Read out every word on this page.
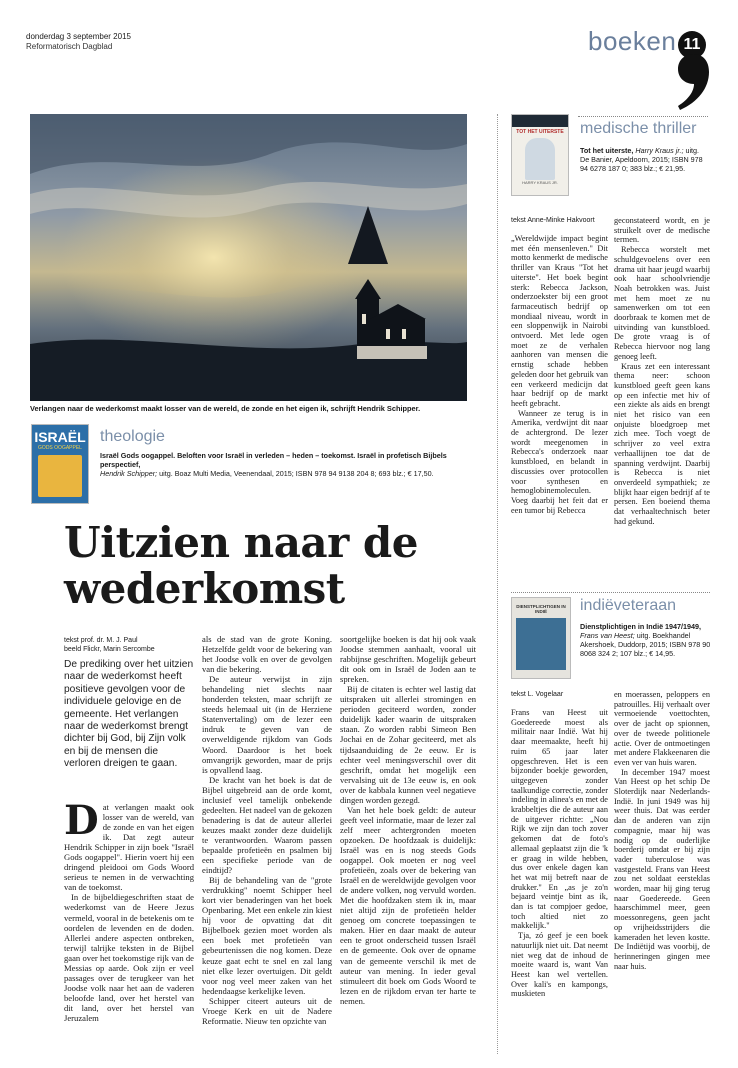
donderdag 3 september 2015
Reformatorisch Dagblad	boeken 11
Verlangen naar de wederkomst maakt losser van de wereld, de zonde en het eigen ik, schrijft Hendrik Schipper.
ISRAËL
GODS OOGAPPEL
theologie
Israël Gods oogappel. Beloften voor Israël in verleden – heden – toekomst. Israël in profetisch Bijbels perspectief,
Hendrik Schipper; uitg. Boaz Multi Media, Veenendaal, 2015; ISBN 978 94 9138 204 8; 693 blz.; € 17,50.
Uitzien naar de
wederkomst
tekst prof. dr. M. J. Paul
beeld Flickr, Marin Sercombe
De prediking over het uitzien naar de wederkomst heeft positieve gevolgen voor de individuele gelovige en de gemeente. Het verlangen naar de wederkomst brengt dichter bij God, bij Zijn volk en bij de mensen die verloren dreigen te gaan.

Dat verlangen maakt ook losser van de wereld, van de zonde en van het eigen ik. Dat zegt auteur Hendrik Schipper in zijn boek "Israël Gods oogappel". Hierin voert hij een dringend pleidooi om Gods Woord serieus te nemen in de verwachting van de toekomst.

In de bijbeldiegeschriften staat de wederkomst van de Heere Jezus vermeld, vooral in de betekenis om te oordelen de levenden en de doden. Allerlei andere aspecten ontbreken, terwijl talrijke teksten in de Bijbel gaan over het toekomstige rijk van de Messias op aarde. Ook zijn er veel passages over de terugkeer van het Joodse volk naar het aan de vaderen beloofde land, over het herstel van dit land, over het herstel van Jeruzalem

als de stad van de grote Koning. Hetzelfde geldt voor de bekering van het Joodse volk en over de gevolgen van die bekering.

De auteur verwijst in zijn behandeling niet slechts naar honderden teksten, maar schrijft ze steeds helemaal uit (in de Herziene Statenvertaling) om de lezer een indruk te geven van de overweldigende rijkdom van Gods Woord. Daardoor is het boek omvangrijk geworden, maar de prijs is opvallend laag.

De kracht van het boek is dat de Bijbel uitgebreid aan de orde komt, inclusief veel tamelijk onbekende gedeelten. Het nadeel van de gekozen benadering is dat de auteur allerlei keuzes maakt zonder deze duidelijk te verantwoorden. Waarom passen bepaalde profetieën en psalmen bij een specifieke periode van de eindtijd?

Bij de behandeling van de "grote verdrukking" noemt Schipper heel kort vier benaderingen van het boek Openbaring. Met een enkele zin kiest hij voor de opvatting dat dit Bijbelboek gezien moet worden als een boek met profetieën van gebeurtenissen die nog komen. Deze keuze gaat echt te snel en zal lang niet elke lezer overtuigen. Dit geldt voor nog veel meer zaken van het hedendaagse kerkelijke leven.

Schipper citeert auteurs uit de Vroege Kerk en uit de Nadere Reformatie. Nieuw ten opzichte van

soortgelijke boeken is dat hij ook vaak Joodse stemmen aanhaalt, vooral uit rabbijnse geschriften. Mogelijk gebeurt dit ook om in Israël de Joden aan te spreken.

Bij de citaten is echter wel lastig dat uitspraken uit allerlei stromingen en perioden geciteerd worden, zonder duidelijk kader waarin de uitspraken staan. Zo worden rabbi Simeon Ben Jochai en de Zohar geciteerd, met als tijdsaanduiding de 2e eeuw. Er is echter veel meningsverschil over dit geschrift, omdat het mogelijk een vervalsing uit de 13e eeuw is, en ook over de kabbala kunnen veel negatieve dingen worden gezegd.

Van het hele boek geldt: de auteur geeft veel informatie, maar de lezer zal zelf meer achtergronden moeten opzoeken. De hoofdzaak is duidelijk: Israël was en is nog steeds Gods oogappel. Ook moeten er nog veel profetieën, zoals over de bekering van Israël en de wereldwijde gevolgen voor de andere volken, nog vervuld worden. Met die hoofdzaken stem ik in, maar niet altijd zijn de profetieën helder genoeg om concrete toepassingen te maken. Hier en daar maakt de auteur een te groot onderscheid tussen Israël en de gemeente. Ook over de opname van de gemeente verschil ik met de auteur van mening. In ieder geval stimuleert dit boek om Gods Woord te lezen en de rijkdom ervan ter harte te nemen.

TOT HET UITERSTE
HARRY KRAUS JR.
medische thriller
Tot het uiterste, Harry Kraus jr.; uitg. De Banier, Apeldoorn, 2015; ISBN 978 94 6278 187 0; 383 blz.; € 21,95.
tekst Anne-Minke Hakvoort

„Wereldwijde impact begint met één mensenleven." Dit motto kenmerkt de medische thriller van Kraus "Tot het uiterste". Het boek begint sterk: Rebecca Jackson, onderzoekster bij een groot farmaceutisch bedrijf op mondiaal niveau, wordt in een sloppenwijk in Nairobi ontvoerd. Met lede ogen moet ze de verhalen aanhoren van mensen die ernstig schade hebben geleden door het gebruik van een verkeerd medicijn dat haar bedrijf op de markt heeft gebracht.

Wanneer ze terug is in Amerika, verdwijnt dit naar de achtergrond. De lezer wordt meegenomen in Rebecca's onderzoek naar kunstbloed, en belandt in discussies over protocollen voor synthesen en hemoglobinemoleculen. Voeg daarbij het feit dat er een tumor bij Rebecca

geconstateerd wordt, en je struikelt over de medische termen.

Rebecca worstelt met schuldgevoelens over een drama uit haar jeugd waarbij ook haar schoolvriendje Noah betrokken was. Juist met hem moet ze nu samenwerken om tot een doorbraak te komen met de uitvinding van kunstbloed. De grote vraag is of Rebecca hiervoor nog lang genoeg leeft.

Kraus zet een interessant thema neer: schoon kunstbloed geeft geen kans op een infectie met hiv of een ziekte als aids en brengt niet het risico van een onjuiste bloedgroep met zich mee. Toch voegt de schrijver zo veel extra verhaallijnen toe dat de spanning verdwijnt. Daarbij is Rebecca is niet onverdeeld sympathiek; ze blijkt haar eigen bedrijf af te persen. Een boeiend thema dat verhaaltechnisch beter had gekund.

DIENSTPLICHTIGEN IN INDIË	indiëveteraan
Dienstplichtigen in Indië 1947/1949, Frans van Heest; uitg. Boekhandel Akershoek, Duddorp, 2015; ISBN 978 90 8068 324 2; 107 blz.; € 14,95.
tekst L. Vogelaar

Frans van Heest uit Goedereede moest als militair naar Indië. Wat hij daar meemaakte, heeft hij ruim 65 jaar later opgeschreven. Het is een bijzonder boekje geworden, uitgegeven zonder taalkundige correctie, zonder indeling in alinea's en met de krabbeltjes die de auteur aan de uitgever richtte: „Nou Rijk we zijn dan toch zover gekomen dat de foto's allemaal geplaatst zijn die 'k er graag in wilde hebben, dus over enkele dagen kan het wat mij betreft naar de drukker." En „as je zo'n bejaard veintje bint as ik, dan is tat compjoer gedoe, toch altied niet zo makkelijk."

Tja, zó geef je een boek natuurlijk niet uit. Dat neemt niet weg dat de inhoud de moeite waard is, want Van Heest kan wel vertellen. Over kali's en kampongs, muskieten

en moerassen, peloppers en patrouilles. Hij verhaalt over vermoeiende voettochten, over de jacht op spionnen, over de tweede politionele actie. Over de ontmoetingen met andere Flakkeenaren die even ver van huis waren.

In december 1947 moest Van Heest op het schip De Sloterdijk naar Nederlands-Indië. In juni 1949 was hij weer thuis. Dat was eerder dan de anderen van zijn compagnie, maar hij was nodig op de ouderlijke boerderij omdat er bij zijn vader tuberculose was vastgesteld. Frans van Heest zou net soldaat eersteklas worden, maar hij ging terug naar Goedereede. Geen haarschimmel meer, geen moessonregens, geen jacht op vrijheidsstrijders die kameraden het leven kostte. De Indiëtijd was voorbij, de herinneringen gingen mee naar huis.
